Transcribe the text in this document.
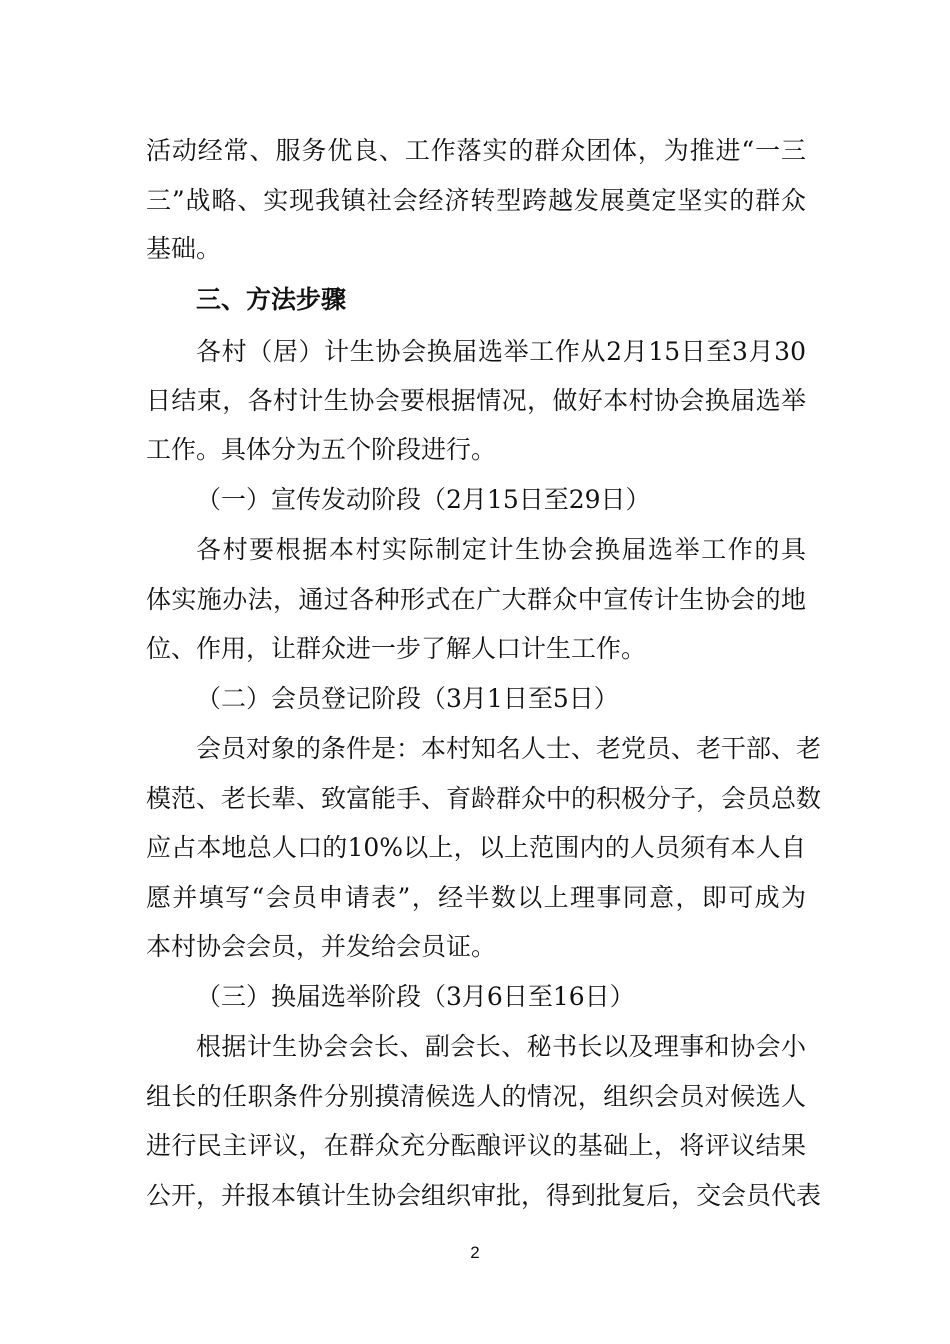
活动经常、服务优良、工作落实的群众团体，为推进“一三
三”战略、实现我镇社会经济转型跨越发展奠定坚实的群众
基础。
三、方法步骤
各村（居）计生协会换届选举工作从2月15日至3月30
日结束，各村计生协会要根据情况，做好本村协会换届选举
工作。具体分为五个阶段进行。
（一）宣传发动阶段（2月15日至29日）
各村要根据本村实际制定计生协会换届选举工作的具
体实施办法，通过各种形式在广大群众中宣传计生协会的地
位、作用，让群众进一步了解人口计生工作。
（二）会员登记阶段（3月1日至5日）
会员对象的条件是：本村知名人士、老党员、老干部、老
模范、老长辈、致富能手、育龄群众中的积极分子，会员总数
应占本地总人口的10%以上，以上范围内的人员须有本人自
愿并填写“会员申请表”，经半数以上理事同意，即可成为
本村协会会员，并发给会员证。
（三）换届选举阶段（3月6日至16日）
根据计生协会会长、副会长、秘书长以及理事和协会小
组长的任职条件分别摸清候选人的情况，组织会员对候选人
进行民主评议，在群众充分酝酿评议的基础上，将评议结果
公开，并报本镇计生协会组织审批，得到批复后，交会员代表
2
